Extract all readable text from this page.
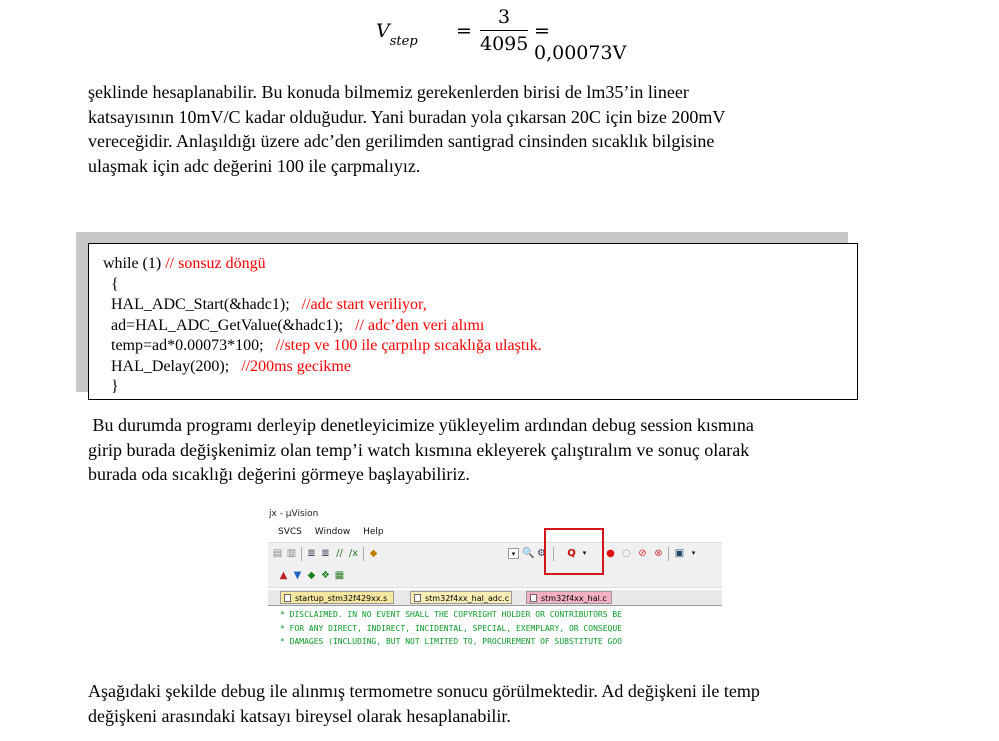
$V_{step}$ =
3
4095
= 0,00073V
şeklinde hesaplanabilir. Bu konuda bilmemiz gerekenlerden birisi de lm35’in lineer
katsayısının 10mV/C kadar olduğudur. Yani buradan yola çıkarsan 20C için bize 200mV
vereceğidir. Anlaşıldığı üzere adc’den gerilimden santigrad cinsinden sıcaklık bilgisine
ulaşmak için adc değerini 100 ile çarpmalıyız.
while (1) // sonsuz döngü
{
HAL_ADC_Start(&hadc1);   //adc start veriliyor,
ad=HAL_ADC_GetValue(&hadc1);   // adc’den veri alımı
temp=ad*0.00073*100;   //step ve 100 ile çarpılıp sıcaklığa ulaştık.
HAL_Delay(200);   //200ms gecikme
}
Bu durumda programı derleyip denetleyicimize yükleyelim ardından debug session kısmına
girip burada değişkenimiz olan temp’i watch kısmına ekleyerek çalıştıralım ve sonuç olarak
burada oda sıcaklığı değerini görmeye başlayabiliriz.
jx - µVision
SVCS Window Help
▤ ▥ ≣ ≣ // /x ◆	▾ 🔍 ⚙ Q ▾	● ○ ⊘ ⊗ ▣	▾
▲ ▼ ◆ ❖ ▦
startup_stm32f429xx.s	stm32f4xx_hal_adc.c	stm32f4xx_hal.c
* DISCLAIMED. IN NO EVENT SHALL THE COPYRIGHT HOLDER OR CONTRIBUTORS BE
* FOR ANY DIRECT, INDIRECT, INCIDENTAL, SPECIAL, EXEMPLARY, OR CONSEQUE
* DAMAGES (INCLUDING, BUT NOT LIMITED TO, PROCUREMENT OF SUBSTITUTE GOO
Aşağıdaki şekilde debug ile alınmış termometre sonucu görülmektedir. Ad değişkeni ile temp
değişkeni arasındaki katsayı bireysel olarak hesaplanabilir.
